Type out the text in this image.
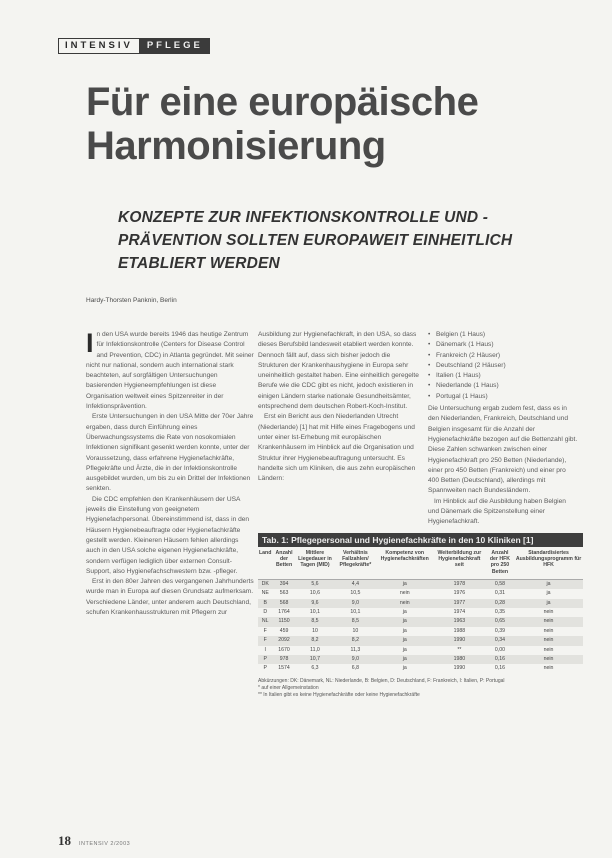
INTENSIV	PFLEGE
Für eine europäische Harmonisierung
KONZEPTE ZUR INFEKTIONSKONTROLLE UND -PRÄVENTION SOLLTEN EUROPAWEIT EINHEITLICH ETABLIERT WERDEN
Hardy-Thorsten Panknin, Berlin

In den USA wurde bereits 1946 das heutige Zentrum für Infektionskontrolle (Centers for Disease Control and Prevention, CDC) in Atlanta gegründet. Mit seiner nicht nur national, sondern auch international stark beachteten, auf sorgfältigen Untersuchungen basierenden Hygieneempfehlungen ist diese Organisation weltweit eines Spitzenreiter in der Infektionsprävention.

Erste Untersuchungen in den USA Mitte der 70er Jahre ergaben, dass durch Einführung eines Überwachungssystems die Rate von nosokomialen Infektionen signifikant gesenkt werden konnte, unter der Voraussetzung, dass erfahrene Hygienefachkräfte, Pflegekräfte und Ärzte, die in der Infektionskontrolle ausgebildet wurden, um bis zu ein Drittel der Infektionen senkten.

Die CDC empfehlen den Krankenhäusern der USA jeweils die Einstellung von geeignetem Hygienefachpersonal. Übereinstimmend ist, dass in den Häusern Hygienebeauftragte oder Hygienefachkräfte gestellt werden. Kleineren Häusern fehlen allerdings auch in den USA solche eigenen Hygienefachkräfte, sondern verfügen lediglich über externen Consult-Support, also Hygienefachschwestern bzw. -pfleger.

Erst in den 80er Jahren des vergangenen Jahrhunderts wurde man in Europa auf diesen Grundsatz aufmerksam. Verschiedene Länder, unter anderem auch Deutschland, schufen Krankenhausstrukturen mit Pflegern zur

Ausbildung zur Hygienefachkraft, in den USA, so dass dieses Berufsbild landesweit etabliert werden konnte. Dennoch fällt auf, dass sich bisher jedoch die Strukturen der Krankenhaushygiene in Europa sehr uneinheitlich gestaltet haben. Eine einheitlich geregelte Berufe wie die CDC gibt es nicht, jedoch existieren in einigen Ländern starke nationale Gesundheitsämter, entsprechend dem deutschen Robert-Koch-Institut.

Erst ein Bericht aus den Niederlanden Utrecht (Niederlande) [1] hat mit Hilfe eines Fragebogens und unter einer Ist-Erhebung mit europäischen Krankenhäusern im Hinblick auf die Organisation und Struktur ihrer Hygienebeauftragung untersucht. Es handelte sich um Kliniken, die aus zehn europäischen Ländern:

• Belgien (1 Haus)
• Dänemark (1 Haus)
• Frankreich (2 Häuser)
• Deutschland (2 Häuser)
• Italien (1 Haus)
• Niederlande (1 Haus)
• Portugal (1 Haus)

Die Untersuchung ergab zudem fest, dass es in den Niederlanden, Frankreich, Deutschland und Belgien insgesamt für die Anzahl der Hygienefachkräfte bezogen auf die Bettenzahl gibt. Diese Zahlen schwanken zwischen einer Hygienefachkraft pro 250 Betten (Niederlande), einer pro 450 Betten (Frankreich) und einer pro 400 Betten (Deutschland), allerdings mit Spannweiten nach Bundesländern.

Im Hinblick auf die Ausbildung haben Belgien und Dänemark die Spitzenstellung einer Hygienefachkraft.

Tab. 1: Pflegepersonal und Hygienefachkräfte in den 10 Kliniken [1]
Land	Anzahl der Betten	Mittlere Liegedauer in Tagen (MID)	Verhältnis Fallzahlen/ Pflegekräfte*	Kompetenz von Hygienefachkräften	Weiterbildung zur Hygienefachkraft seit	Anzahl der HFK pro 250 Betten	Standardisiertes Ausbildungsprogramm für HFK
DK	394	5,6	4,4	ja	1978	0,58	ja
NE	563	10,6	10,5	nein	1976	0,31	ja
B	568	9,6	9,0	nein	1977	0,28	ja
D	1764	10,1	10,1	ja	1974	0,35	nein
NL	1150	8,5	8,5	ja	1963	0,65	nein
F	459	10	10	ja	1988	0,39	nein
F	2092	8,2	8,2	ja	1990	0,34	nein
I	1670	11,0	11,3	ja	**	0,00	nein
P	978	10,7	9,0	ja	1980	0,16	nein
P	1574	6,3	6,8	ja	1990	0,16	nein
Abkürzungen: DK: Dänemark, NL: Niederlande, B: Belgien, D: Deutschland, F: Frankreich, I: Italien, P: Portugal
* auf einer Allgemeinstation
** In Italien gibt es keine Hygienefachkräfte oder keine Hygienefachkräfte
18 INTENSIV 2/2003
